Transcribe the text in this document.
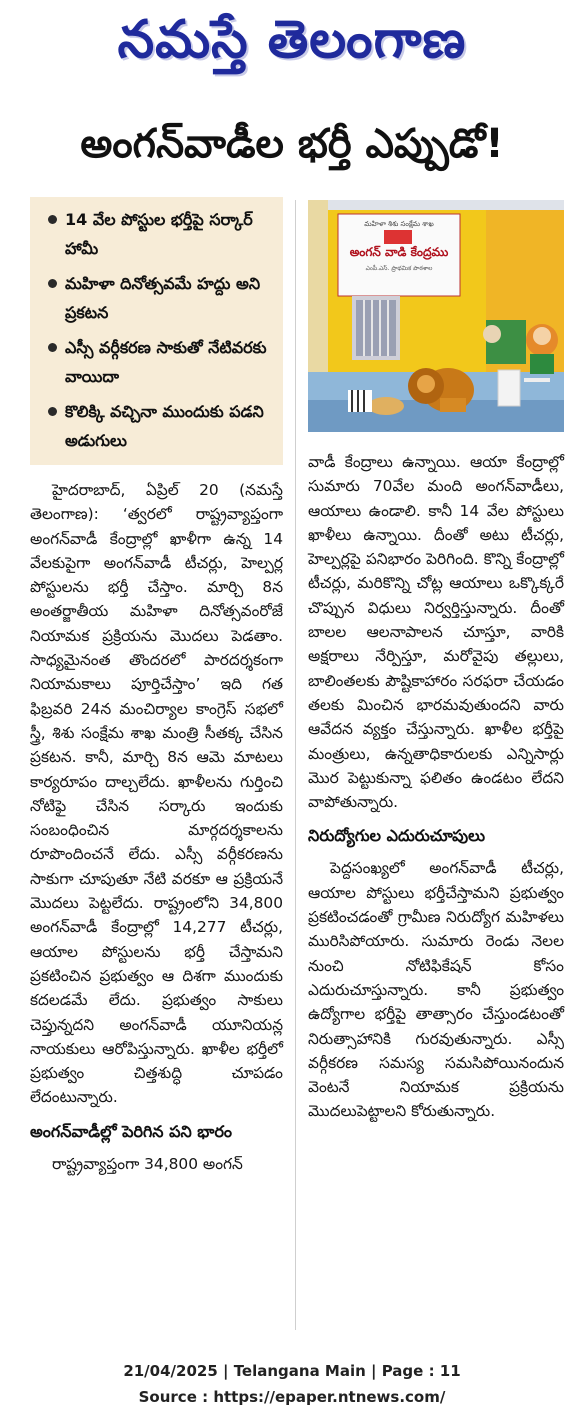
నమస్తే తెలంగాణ
అంగన్‌వాడీల భర్తీ ఎప్పుడో!
14 వేల పోస్టుల భర్తీపై సర్కార్ హామీ
మహిళా దినోత్సవమే హద్దు అని ప్రకటన
ఎస్సీ వర్గీకరణ సాకుతో నేటివరకు వాయిదా
కొలిక్కి వచ్చినా ముందుకు పడని అడుగులు
మహిళా శిశు సంక్షేమ శాఖ
అంగన్ వాడి కేంద్రము
ఎంపీ.ఎస్. ప్రాథమిక పాఠశాల

హైదరాబాద్, ఏప్రిల్ 20 (నమస్తే తెలంగాణ): ‘త్వరలో రాష్ట్రవ్యాప్తంగా అంగన్‌వాడీ కేంద్రాల్లో ఖాళీగా ఉన్న 14 వేలకుపైగా అంగన్‌వాడీ టీచర్లు, హెల్పర్ల పోస్టులను భర్తీ చేస్తాం. మార్చి 8న అంతర్జాతీయ మహిళా దినోత్సవంరోజే నియామక ప్రక్రియను మొదలు పెడతాం. సాధ్యమైనంత తొందరలో పారదర్శకంగా నియామకాలు పూర్తిచేస్తాం’ ఇది గత ఫిబ్రవరి 24న మంచిర్యాల కాంగ్రెస్ సభలో స్త్రీ, శిశు సంక్షేమ శాఖ మంత్రి సీతక్క చేసిన ప్రకటన. కానీ, మార్చి 8న ఆమె మాటలు కార్యరూపం దాల్చలేదు. ఖాళీలను గుర్తించి నోటిఫై చేసిన సర్కారు ఇందుకు సంబంధించిన మార్గదర్శకాలను రూపొందించనే లేదు. ఎస్సీ వర్గీకరణను సాకుగా చూపుతూ నేటి వరకూ ఆ ప్రక్రియనే మొదలు పెట్టలేదు. రాష్ట్రంలోని 34,800 అంగన్‌వాడీ కేంద్రాల్లో 14,277 టీచర్లు, ఆయాల పోస్టులను భర్తీ చేస్తామని ప్రకటించిన ప్రభుత్వం ఆ దిశగా ముందుకు కదలడమే లేదు. ప్రభుత్వం సాకులు చెప్తున్నదని అంగన్‌వాడీ యూనియన్ల నాయకులు ఆరోపిస్తున్నారు. ఖాళీల భర్తీలో ప్రభుత్వం చిత్తశుద్ధి చూపడం లేదంటున్నారు.

అంగన్‌వాడీల్లో పెరిగిన పని భారం

రాష్ట్రవ్యాప్తంగా 34,800 అంగన్

వాడీ కేంద్రాలు ఉన్నాయి. ఆయా కేంద్రాల్లో సుమారు 70వేల మంది అంగన్‌వాడీలు, ఆయాలు ఉండాలి. కానీ 14 వేల పోస్టులు ఖాళీలు ఉన్నాయి. దీంతో అటు టీచర్లు, హెల్పర్లపై పనిభారం పెరిగింది. కొన్ని కేంద్రాల్లో టీచర్లు, మరికొన్ని చోట్ల ఆయాలు ఒక్కొక్కరే చొప్పున విధులు నిర్వర్తిస్తున్నారు. దీంతో బాలల ఆలనాపాలన చూస్తూ, వారికి అక్షరాలు నేర్పిస్తూ, మరోవైపు తల్లులు, బాలింతలకు పౌష్టికాహారం సరఫరా చేయడం తలకు మించిన భారమవుతుందని వారు ఆవేదన వ్యక్తం చేస్తున్నారు. ఖాళీల భర్తీపై మంత్రులు, ఉన్నతాధికారులకు ఎన్నిసార్లు మొర పెట్టుకున్నా ఫలితం ఉండటం లేదని వాపోతున్నారు.

నిరుద్యోగుల ఎదురుచూపులు

పెద్దసంఖ్యలో అంగన్‌వాడీ టీచర్లు, ఆయాల పోస్టులు భర్తీచేస్తామని ప్రభుత్వం ప్రకటించడంతో గ్రామీణ నిరుద్యోగ మహిళలు మురిసిపోయారు. సుమారు రెండు నెలల నుంచి నోటిఫికేషన్ కోసం ఎదురుచూస్తున్నారు. కానీ ప్రభుత్వం ఉద్యోగాల భర్తీపై తాత్సారం చేస్తుండటంతో నిరుత్సాహానికి గురవుతున్నారు. ఎస్సీ వర్గీకరణ సమస్య సమసిపోయినందున వెంటనే నియామక ప్రక్రియను మొదలుపెట్టాలని కోరుతున్నారు.

21/04/2025 | Telangana Main | Page : 11
Source : https://epaper.ntnews.com/
